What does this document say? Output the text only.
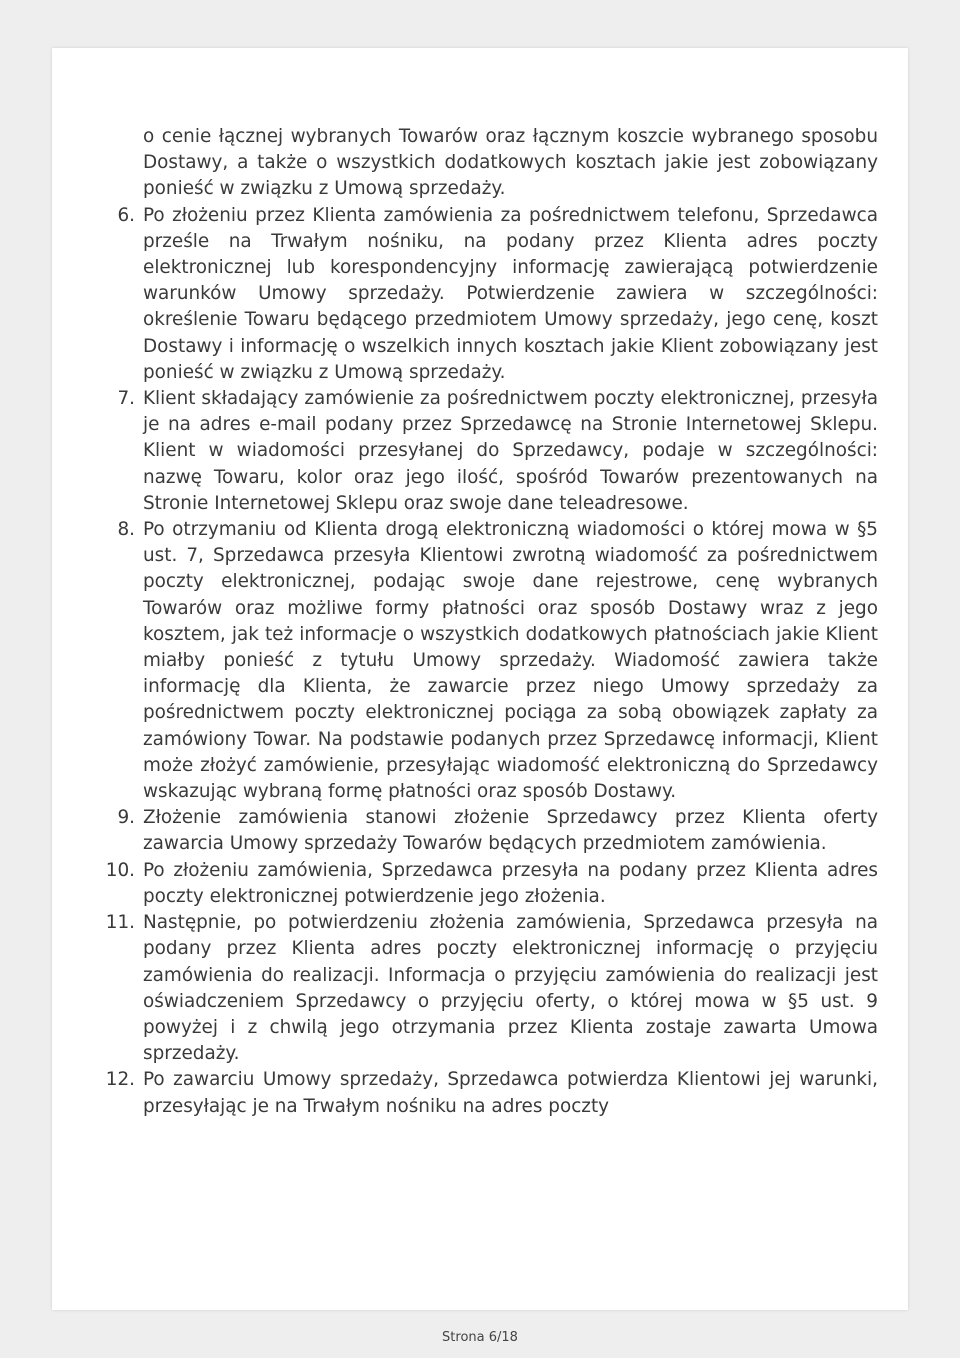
o cenie łącznej wybranych Towarów oraz łącznym koszcie wybranego sposobu Dostawy, a także o wszystkich dodatkowych kosztach jakie jest zobowiązany ponieść w związku z Umową sprzedaży.

6. Po złożeniu przez Klienta zamówienia za pośrednictwem telefonu, Sprzedawca prześle na Trwałym nośniku, na podany przez Klienta adres poczty elektronicznej lub korespondencyjny informację zawierającą potwierdzenie warunków Umowy sprzedaży. Potwierdzenie zawiera w szczególności: określenie Towaru będącego przedmiotem Umowy sprzedaży, jego cenę, koszt Dostawy i informację o wszelkich innych kosztach jakie Klient zobowiązany jest ponieść w związku z Umową sprzedaży.

7. Klient składający zamówienie za pośrednictwem poczty elektronicznej, przesyła je na adres e-mail podany przez Sprzedawcę na Stronie Internetowej Sklepu. Klient w wiadomości przesyłanej do Sprzedawcy, podaje w szczególności: nazwę Towaru, kolor oraz jego ilość, spośród Towarów prezentowanych na Stronie Internetowej Sklepu oraz swoje dane teleadresowe.

8. Po otrzymaniu od Klienta drogą elektroniczną wiadomości o której mowa w §5 ust. 7, Sprzedawca przesyła Klientowi zwrotną wiadomość za pośrednictwem poczty elektronicznej, podając swoje dane rejestrowe, cenę wybranych Towarów oraz możliwe formy płatności oraz sposób Dostawy wraz z jego kosztem, jak też informacje o wszystkich dodatkowych płatnościach jakie Klient miałby ponieść z tytułu Umowy sprzedaży. Wiadomość zawiera także informację dla Klienta, że zawarcie przez niego Umowy sprzedaży za pośrednictwem poczty elektronicznej pociąga za sobą obowiązek zapłaty za zamówiony Towar. Na podstawie podanych przez Sprzedawcę informacji, Klient może złożyć zamówienie, przesyłając wiadomość elektroniczną do Sprzedawcy wskazując wybraną formę płatności oraz sposób Dostawy.

9. Złożenie zamówienia stanowi złożenie Sprzedawcy przez Klienta oferty zawarcia Umowy sprzedaży Towarów będących przedmiotem zamówienia.

10. Po złożeniu zamówienia, Sprzedawca przesyła na podany przez Klienta adres poczty elektronicznej potwierdzenie jego złożenia.

11. Następnie, po potwierdzeniu złożenia zamówienia, Sprzedawca przesyła na podany przez Klienta adres poczty elektronicznej informację o przyjęciu zamówienia do realizacji. Informacja o przyjęciu zamówienia do realizacji jest oświadczeniem Sprzedawcy o przyjęciu oferty, o której mowa w §5 ust. 9 powyżej i z chwilą jego otrzymania przez Klienta zostaje zawarta Umowa sprzedaży.

12. Po zawarciu Umowy sprzedaży, Sprzedawca potwierdza Klientowi jej warunki, przesyłając je na Trwałym nośniku na adres poczty

Strona 6/18
